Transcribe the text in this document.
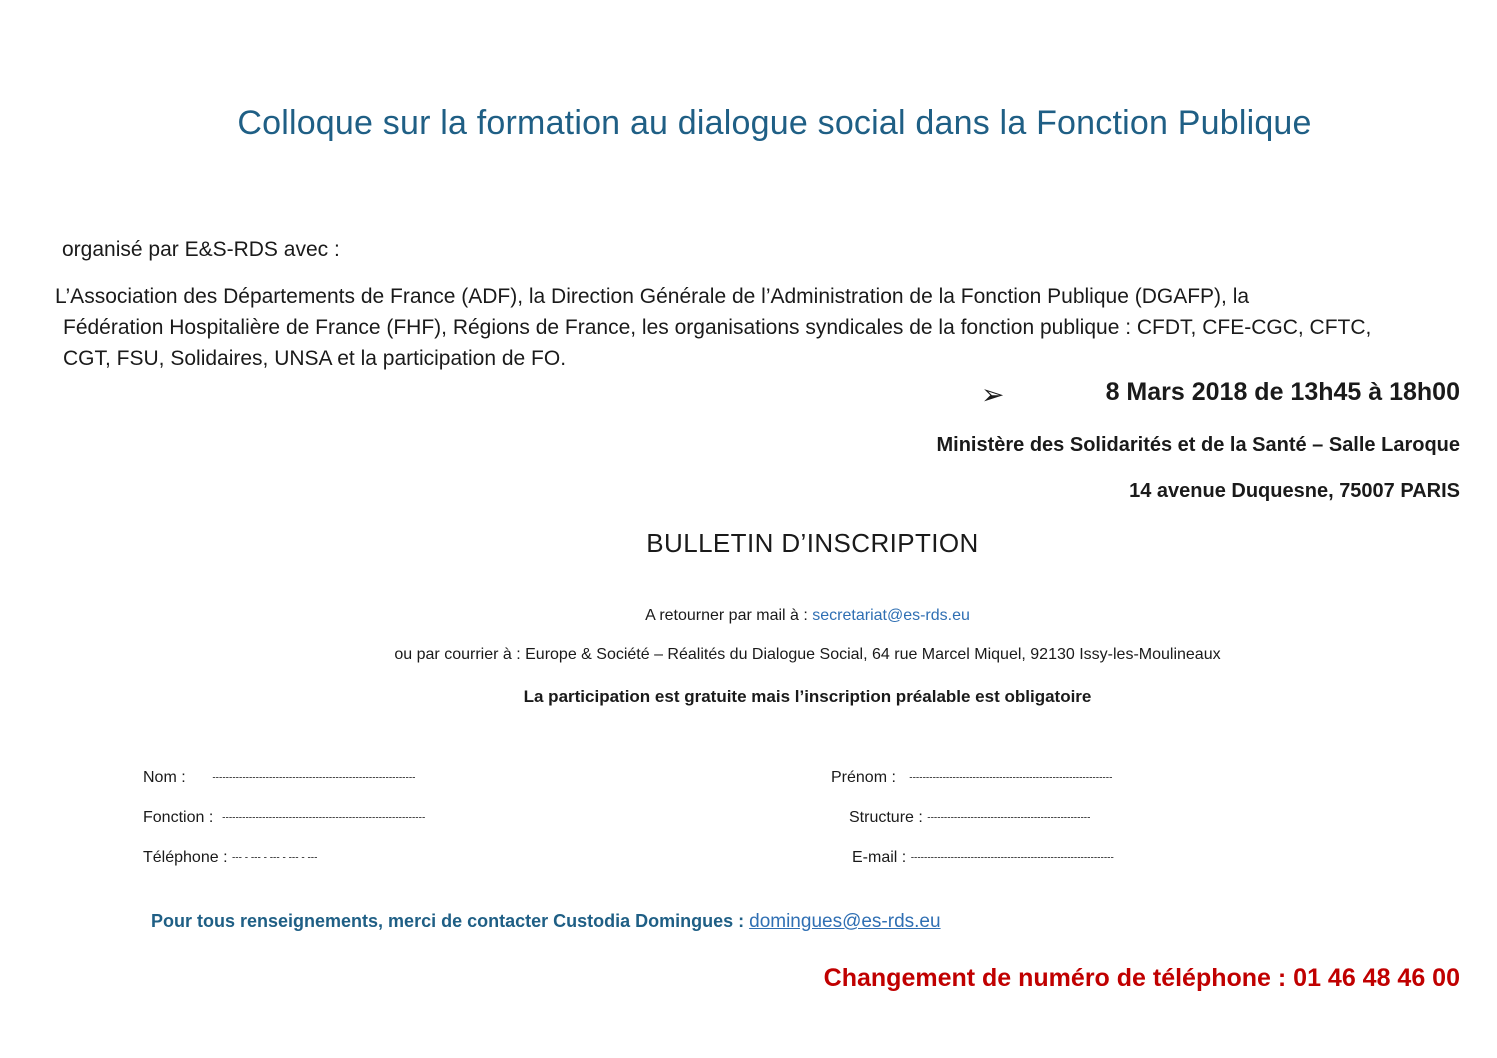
Colloque sur la formation au dialogue social dans la Fonction Publique
organisé par E&S-RDS avec :
L’Association des Départements de France (ADF), la Direction Générale de l’Administration de la Fonction Publique (DGAFP), la
Fédération Hospitalière de France (FHF), Régions de France, les organisations syndicales de la fonction publique : CFDT, CFE-CGC, CFTC,
CGT, FSU, Solidaires, UNSA et la participation de FO.
➢	8 Mars 2018 de 13h45 à 18h00
Ministère des Solidarités et de la Santé – Salle Laroque
14 avenue Duquesne, 75007 PARIS
BULLETIN D’INSCRIPTION
A retourner par mail à : secretariat@es-rds.eu
ou par courrier à : Europe & Société – Réalités du Dialogue Social, 64 rue Marcel Miquel, 92130 Issy-les-Moulineaux
La participation est gratuite mais l’inscription préalable est obligatoire
Nom :	-------------------------------------------------------------	Prénom : -------------------------------------------------------------
Fonction : -------------------------------------------------------------	Structure : -------------------------------------------------
Téléphone : --- - --- - --- - --- - ---	E-mail : -------------------------------------------------------------
Pour tous renseignements, merci de contacter Custodia Domingues : domingues@es-rds.eu
Changement de numéro de téléphone : 01 46 48 46 00
